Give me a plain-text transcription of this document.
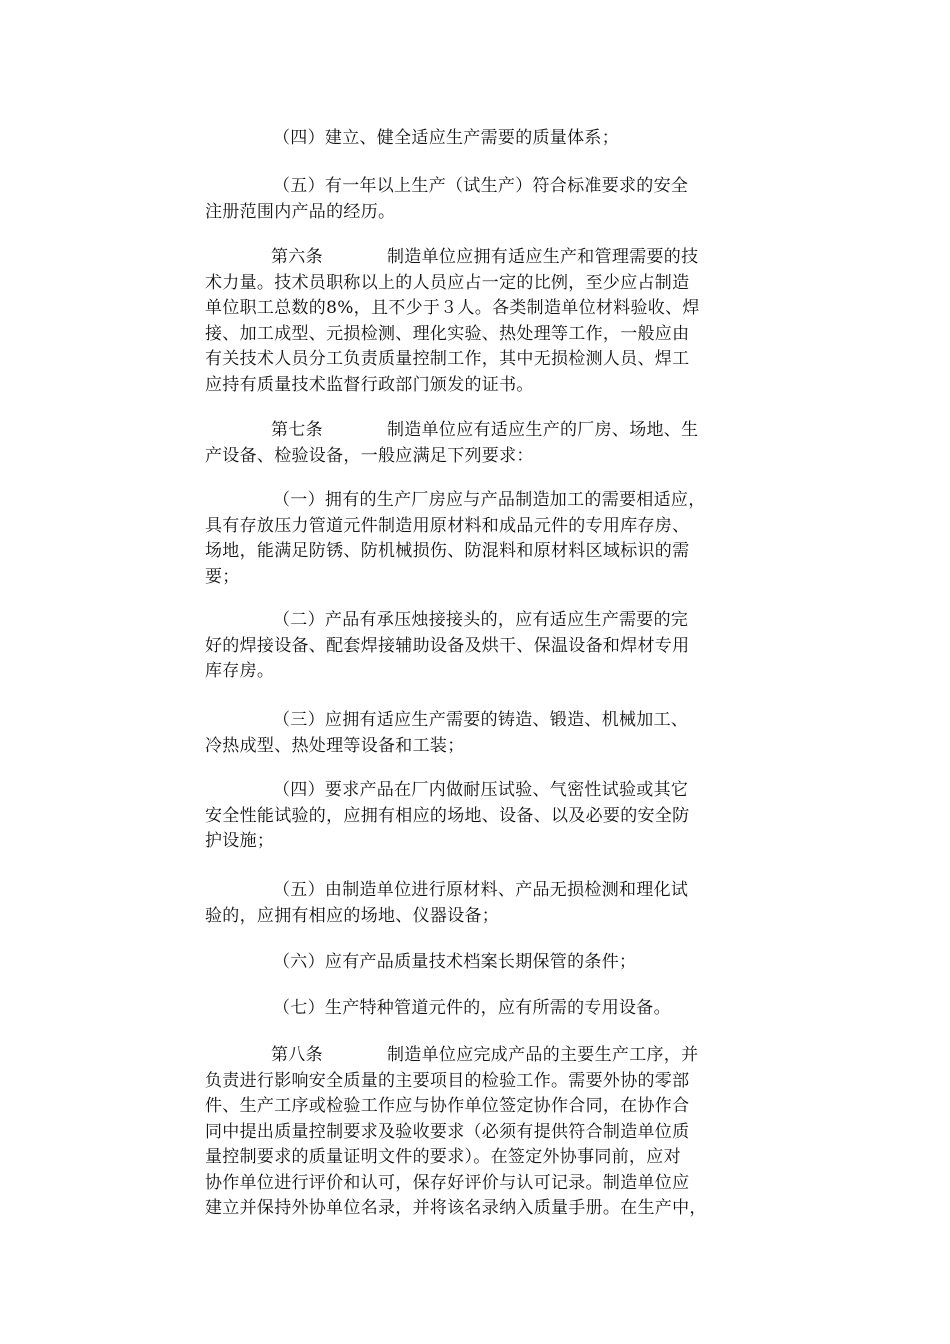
（四）建立、健全适应生产需要的质量体系；
（五）有一年以上生产（试生产）符合标准要求的安全
注册范围内产品的经历。
第六条	制造单位应拥有适应生产和管理需要的技
术力量。技术员职称以上的人员应占一定的比例，至少应占制造
单位职工总数的8%，且不少于３人。各类制造单位材料验收、焊
接、加工成型、元损检测、理化实验、热处理等工作，一般应由
有关技术人员分工负责质量控制工作，其中无损检测人员、焊工
应持有质量技术监督行政部门颁发的证书。
第七条	制造单位应有适应生产的厂房、场地、生
产设备、检验设备，一般应满足下列要求：
（一）拥有的生产厂房应与产品制造加工的需要相适应，
具有存放压力管道元件制造用原材料和成品元件的专用库存房、
场地，能满足防锈、防机械损伤、防混料和原材料区域标识的需
要；
（二）产品有承压烛接接头的，应有适应生产需要的完
好的焊接设备、配套焊接辅助设备及烘干、保温设备和焊材专用
库存房。
（三）应拥有适应生产需要的铸造、锻造、机械加工、
冷热成型、热处理等设备和工装；
（四）要求产品在厂内做耐压试验、气密性试验或其它
安全性能试验的，应拥有相应的场地、设备、以及必要的安全防
护设施；
（五）由制造单位进行原材料、产品无损检测和理化试
验的，应拥有相应的场地、仪器设备；
（六）应有产品质量技术档案长期保管的条件；
（七）生产特种管道元件的，应有所需的专用设备。
第八条	制造单位应完成产品的主要生产工序，并
负责进行影响安全质量的主要项目的检验工作。需要外协的零部
件、生产工序或检验工作应与协作单位签定协作合同，在协作合
同中提出质量控制要求及验收要求（必须有提供符合制造单位质
量控制要求的质量证明文件的要求）。在签定外协事同前，应对
协作单位进行评价和认可，保存好评价与认可记录。制造单位应
建立并保持外协单位名录，并将该名录纳入质量手册。在生产中，
